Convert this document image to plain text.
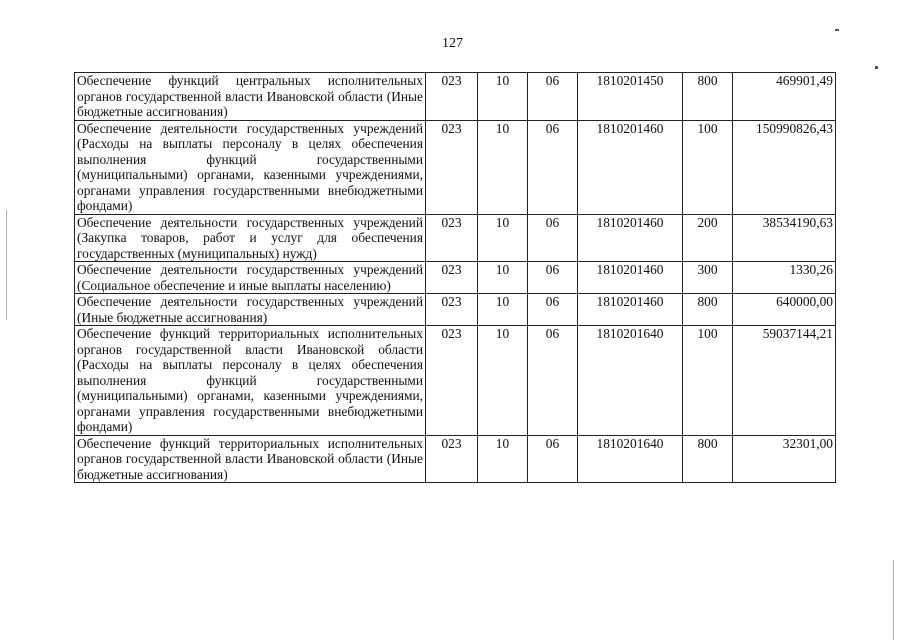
127
Обеспечение функций центральных исполнительных органов государственной власти Ивановской области (Иные бюджетные ассигнования)	023	10	06	1810201450	800	469901,49
Обеспечение деятельности государственных учреждений (Расходы на выплаты персоналу в целях обеспечения выполнения функций государственными (муниципальными) органами, казенными учреждениями, органами управления государственными внебюджетными фондами)	023	10	06	1810201460	100	150990826,43
Обеспечение деятельности государственных учреждений (Закупка товаров, работ и услуг для обеспечения государственных (муниципальных) нужд)	023	10	06	1810201460	200	38534190,63
Обеспечение деятельности государственных учреждений (Социальное обеспечение и иные выплаты населению)	023	10	06	1810201460	300	1330,26
Обеспечение деятельности государственных учреждений (Иные бюджетные ассигнования)	023	10	06	1810201460	800	640000,00
Обеспечение функций территориальных исполнительных органов государственной власти Ивановской области (Расходы на выплаты персоналу в целях обеспечения выполнения функций государственными (муниципальными) органами, казенными учреждениями, органами управления государственными внебюджетными фондами)	023	10	06	1810201640	100	59037144,21
Обеспечение функций территориальных исполнительных органов государственной власти Ивановской области (Иные бюджетные ассигнования)	023	10	06	1810201640	800	32301,00
